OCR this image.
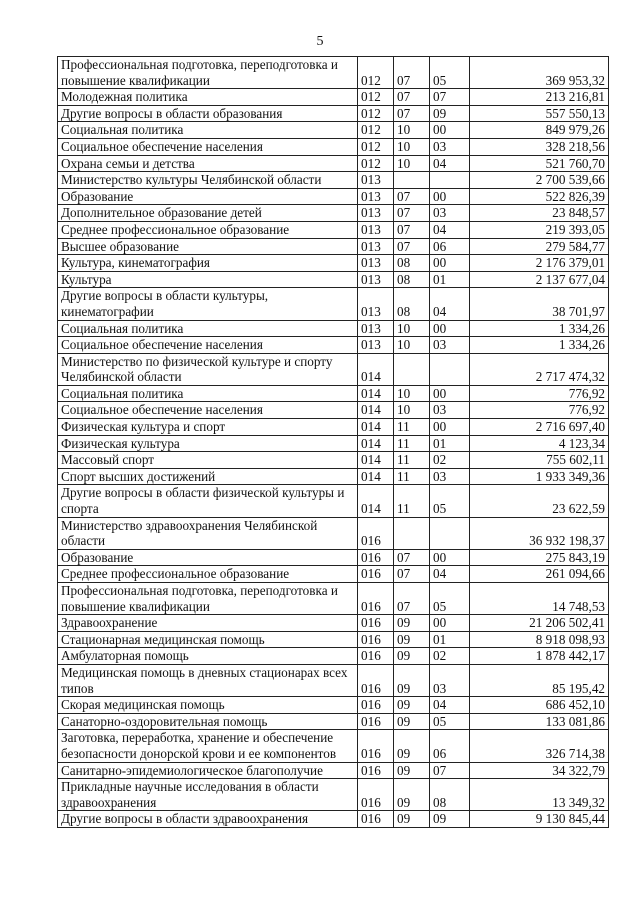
5
Профессиональная подготовка, переподготовка и повышение квалификации	012	07	05	369 953,32
Молодежная политика	012	07	07	213 216,81
Другие вопросы в области образования	012	07	09	557 550,13
Социальная политика	012	10	00	849 979,26
Социальное обеспечение населения	012	10	03	328 218,56
Охрана семьи и детства	012	10	04	521 760,70
Министерство культуры Челябинской области	013			2 700 539,66
Образование	013	07	00	522 826,39
Дополнительное образование детей	013	07	03	23 848,57
Среднее профессиональное образование	013	07	04	219 393,05
Высшее образование	013	07	06	279 584,77
Культура, кинематография	013	08	00	2 176 379,01
Культура	013	08	01	2 137 677,04
Другие вопросы в области культуры, кинематографии	013	08	04	38 701,97
Социальная политика	013	10	00	1 334,26
Социальное обеспечение населения	013	10	03	1 334,26
Министерство по физической культуре и спорту Челябинской области	014			2 717 474,32
Социальная политика	014	10	00	776,92
Социальное обеспечение населения	014	10	03	776,92
Физическая культура и спорт	014	11	00	2 716 697,40
Физическая культура	014	11	01	4 123,34
Массовый спорт	014	11	02	755 602,11
Спорт высших достижений	014	11	03	1 933 349,36
Другие вопросы в области физической культуры и спорта	014	11	05	23 622,59
Министерство здравоохранения Челябинской области	016			36 932 198,37
Образование	016	07	00	275 843,19
Среднее профессиональное образование	016	07	04	261 094,66
Профессиональная подготовка, переподготовка и повышение квалификации	016	07	05	14 748,53
Здравоохранение	016	09	00	21 206 502,41
Стационарная медицинская помощь	016	09	01	8 918 098,93
Амбулаторная помощь	016	09	02	1 878 442,17
Медицинская помощь в дневных стационарах всех типов	016	09	03	85 195,42
Скорая медицинская помощь	016	09	04	686 452,10
Санаторно-оздоровительная помощь	016	09	05	133 081,86
Заготовка, переработка, хранение и обеспечение безопасности донорской крови и ее компонентов	016	09	06	326 714,38
Санитарно-эпидемиологическое благополучие	016	09	07	34 322,79
Прикладные научные исследования в области здравоохранения	016	09	08	13 349,32
Другие вопросы в области здравоохранения	016	09	09	9 130 845,44
